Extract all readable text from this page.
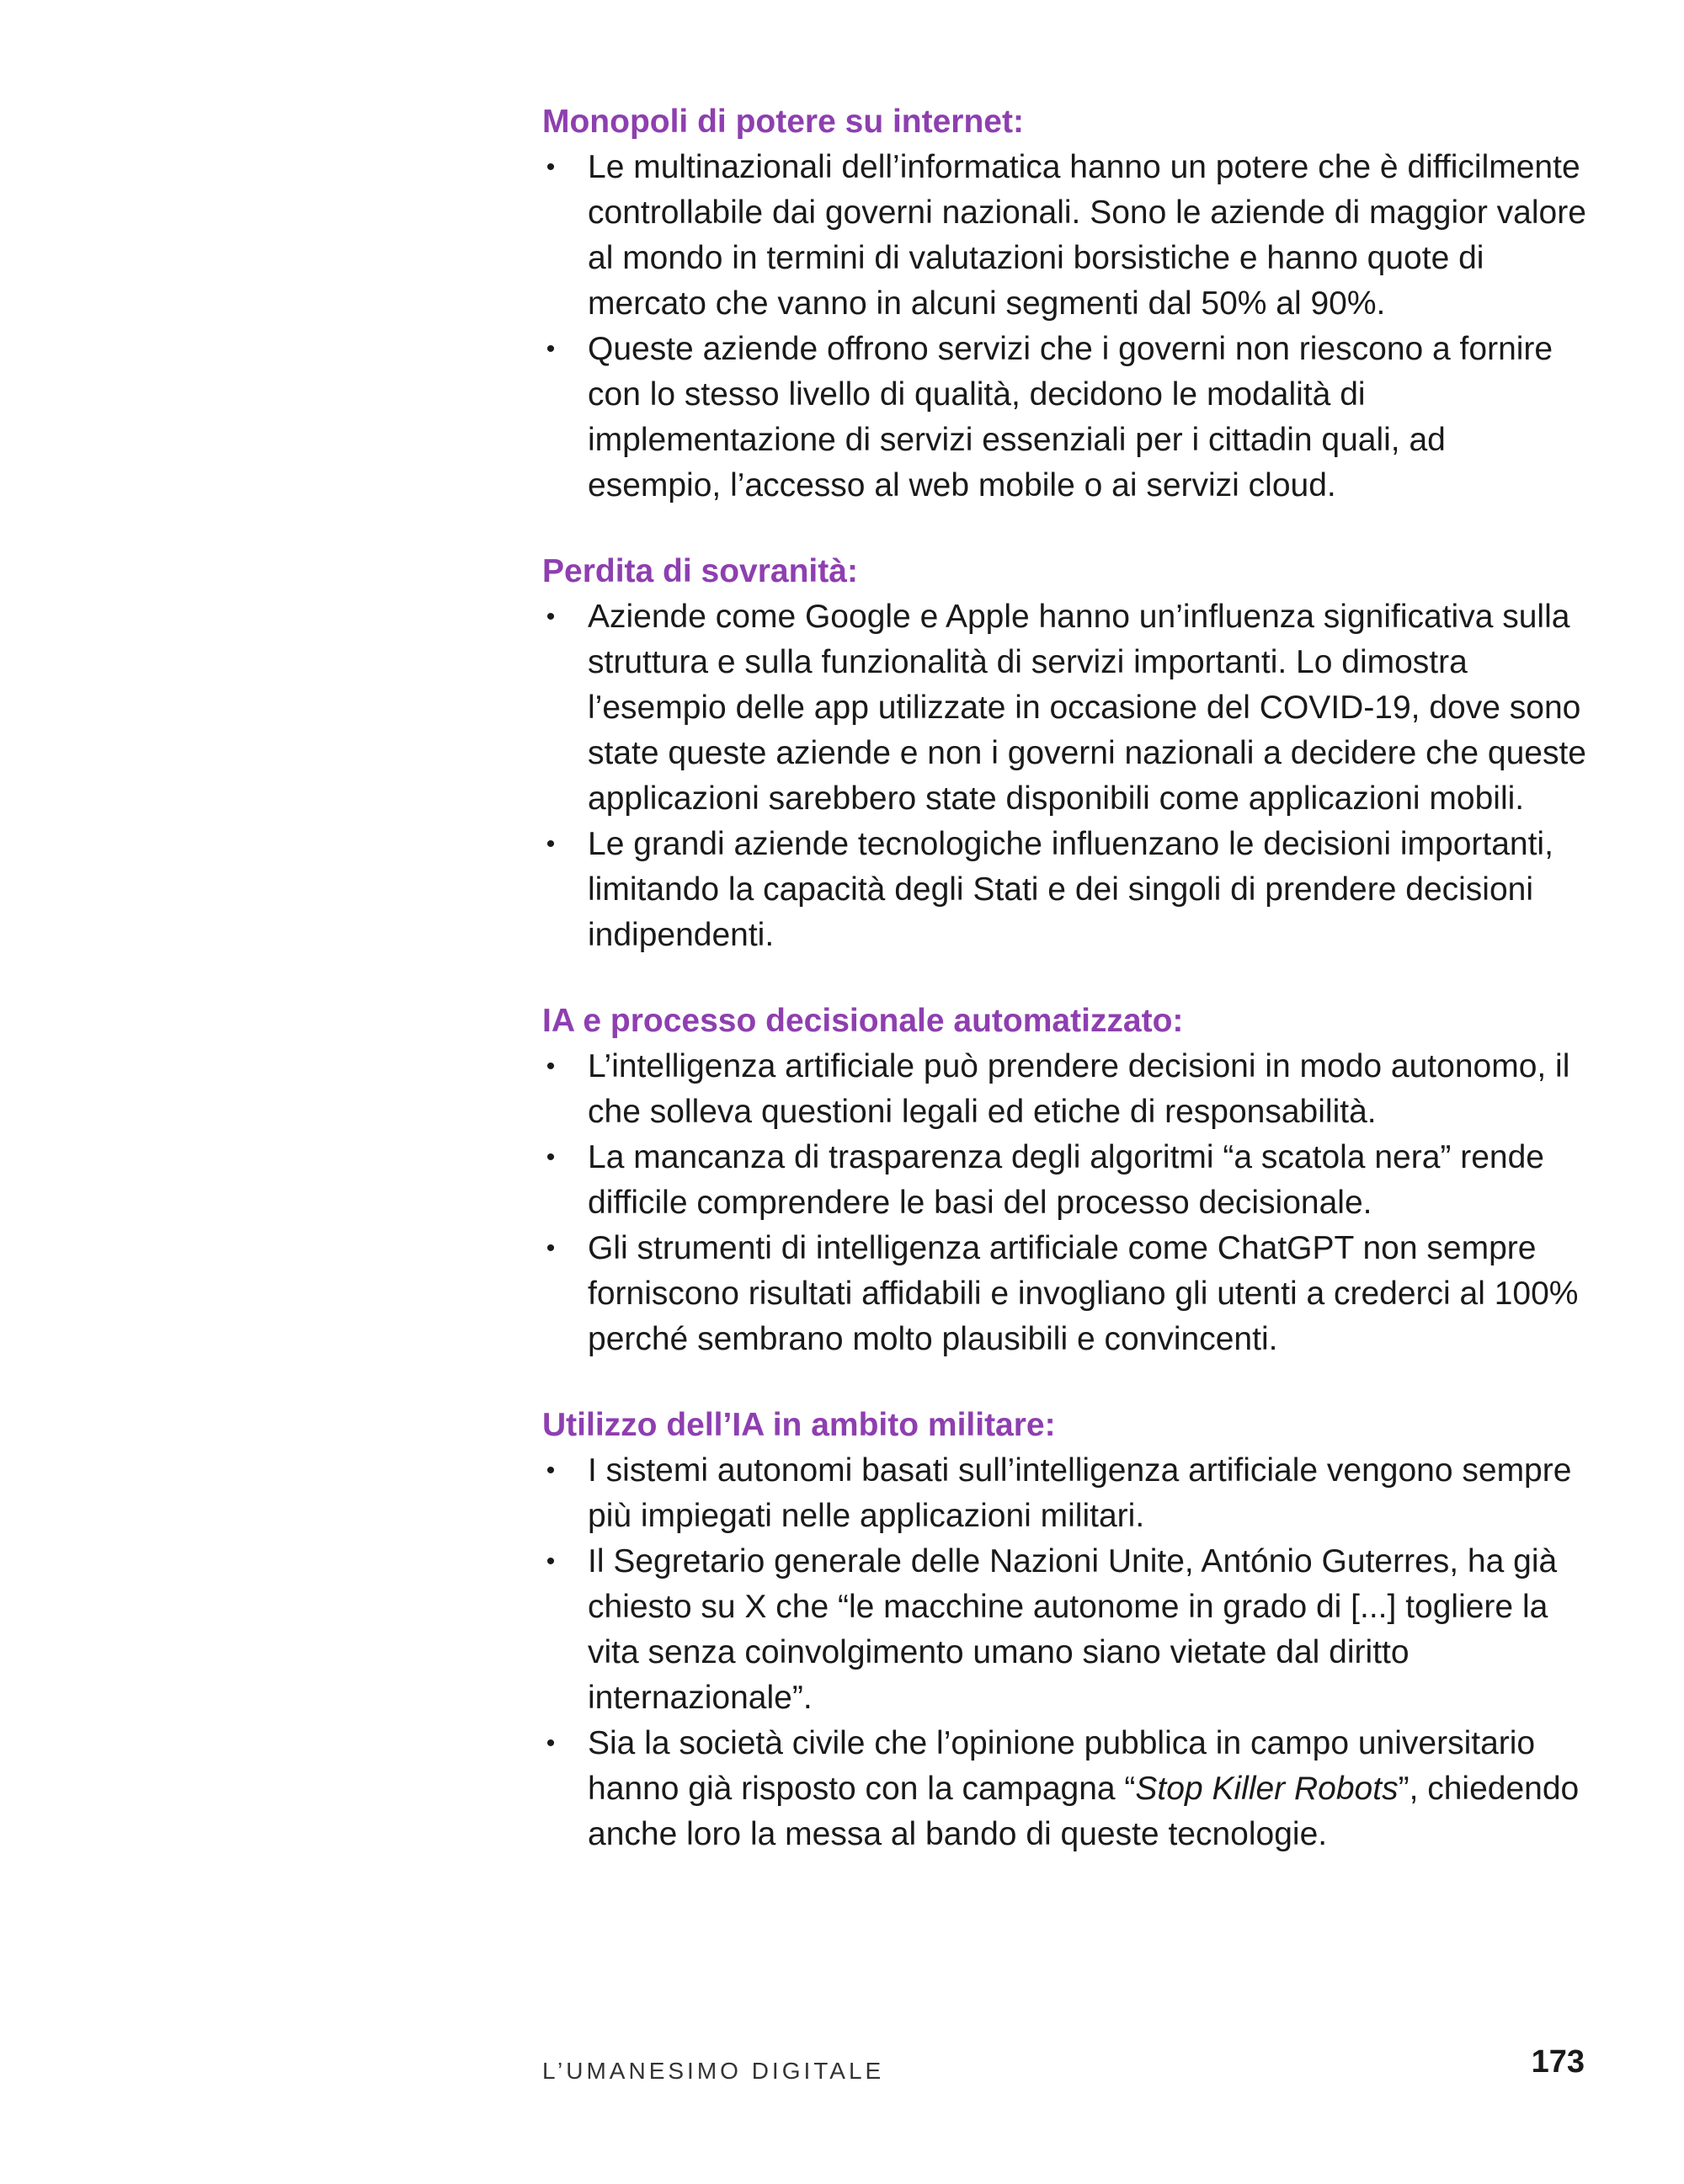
Monopoli di potere su internet:
• Le multinazionali dell’informatica hanno un potere che è difficilmente controllabile dai governi nazionali. Sono le aziende di maggior valore al mondo in termini di valutazioni borsistiche e hanno quote di mercato che vanno in alcuni segmenti dal 50% al 90%.
• Queste aziende offrono servizi che i governi non riescono a fornire con lo stesso livello di qualità, decidono le modalità di implementazione di servizi essenziali per i cittadin quali, ad esempio, l’accesso al web mobile o ai servizi cloud.
Perdita di sovranità:
• Aziende come Google e Apple hanno un’influenza significativa sulla struttura e sulla funzionalità di servizi importanti. Lo dimostra l’esempio delle app utilizzate in occasione del COVID-19, dove sono state queste aziende e non i governi nazionali a decidere che queste applicazioni sarebbero state disponibili come applicazioni mobili.
• Le grandi aziende tecnologiche influenzano le decisioni importanti, limitando la capacità degli Stati e dei singoli di prendere decisioni indipendenti.
IA e processo decisionale automatizzato:
• L’intelligenza artificiale può prendere decisioni in modo autonomo, il che solleva questioni legali ed etiche di responsabilità.
• La mancanza di trasparenza degli algoritmi “a scatola nera” rende difficile comprendere le basi del processo decisionale.
• Gli strumenti di intelligenza artificiale come ChatGPT non sempre forniscono risultati affidabili e invogliano gli utenti a crederci al 100% perché sembrano molto plausibili e convincenti.
Utilizzo dell’IA in ambito militare:
• I sistemi autonomi basati sull’intelligenza artificiale vengono sempre più impiegati nelle applicazioni militari.
• Il Segretario generale delle Nazioni Unite, António Guterres, ha già chiesto su X che “le macchine autonome in grado di [...] togliere la vita senza coinvolgimento umano siano vietate dal diritto internazionale”.
• Sia la società civile che l’opinione pubblica in campo universitario hanno già risposto con la campagna “Stop Killer Robots”, chiedendo anche loro la messa al bando di queste tecnologie.
L’UMANESIMO DIGITALE	173
